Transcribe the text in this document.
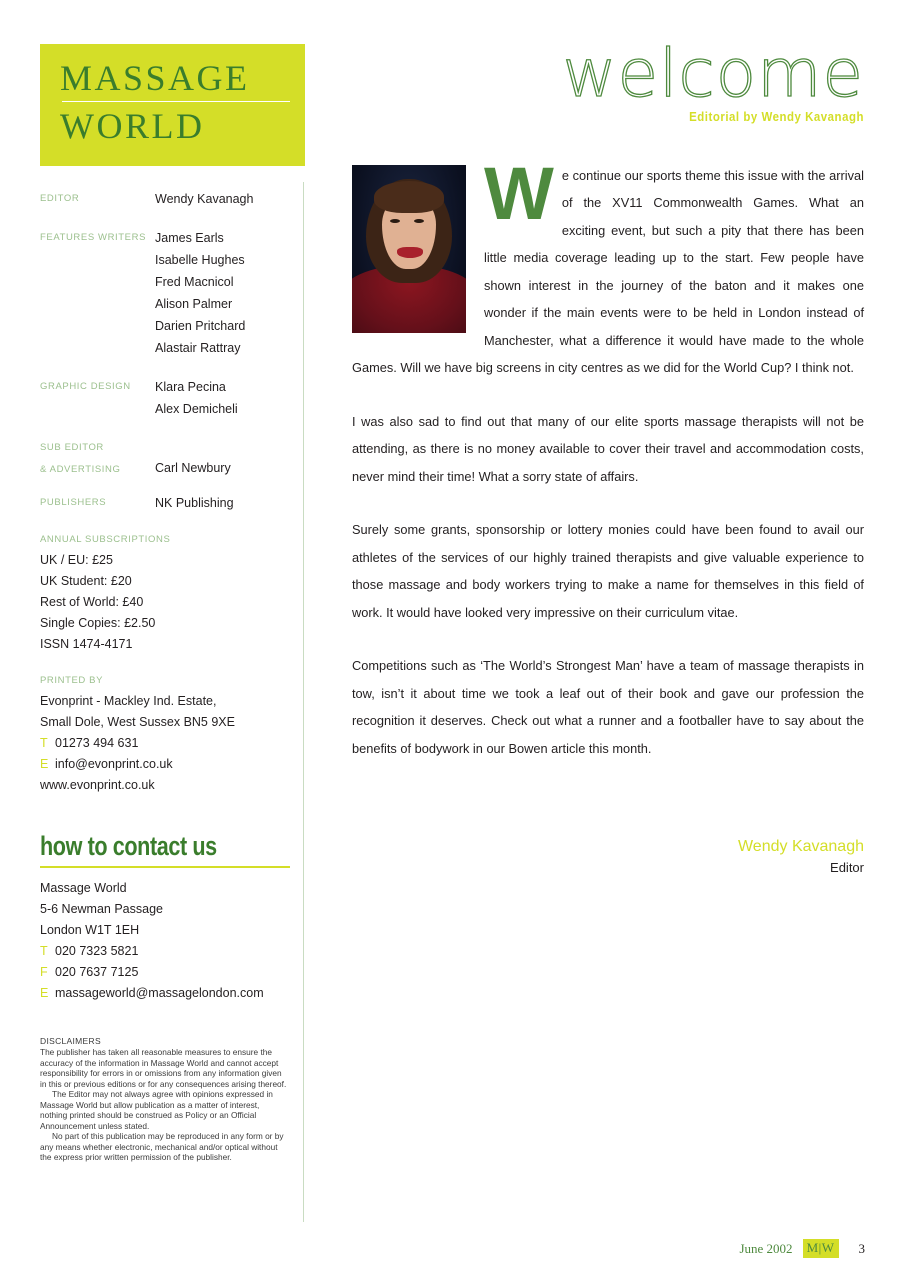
MASSAGE
WORLD
EDITOR	Wendy Kavanagh
FEATURES WRITERS James Earls
Isabelle Hughes
Fred Macnicol
Alison Palmer
Darien Pritchard
Alastair Rattray
GRAPHIC DESIGN	Klara Pecina
Alex Demicheli
SUB EDITOR
& ADVERTISING
	Carl Newbury
PUBLISHERS	NK Publishing
ANNUAL SUBSCRIPTIONS
UK / EU: £25
UK Student: £20
Rest of World: £40
Single Copies: £2.50
ISSN 1474-4171
PRINTED BY
Evonprint - Mackley Ind. Estate,
Small Dole, West Sussex BN5 9XE
T 01273 494 631
E info@evonprint.co.uk
www.evonprint.co.uk
how to contact us
Massage World
5-6 Newman Passage
London W1T 1EH
T 020 7323 5821
F 020 7637 7125
E massageworld@massagelondon.com
DISCLAIMERS

The publisher has taken all reasonable measures to ensure the accuracy of the information in Massage World and cannot accept responsibility for errors in or omissions from any information given in this or previous editions or for any consequences arising thereof.

The Editor may not always agree with opinions expressed in Massage World but allow publication as a matter of interest, nothing printed should be construed as Policy or an Official Announcement unless stated.

No part of this publication may be reproduced in any form or by any means whether electronic, mechanical and/or optical without the express prior written permission of the publisher.

welcome
Editorial by Wendy Kavanagh
W e continue our sports theme this issue with the arrival of the XV11 Commonwealth Games. What an exciting event, but such a pity that there has been little media coverage leading up to the start. Few people have shown interest in the journey of the baton and it makes one wonder if the main events were to be held in London instead of Manchester, what a difference it would have made to the whole Games. Will we have big screens in city centres as we did for the World Cup? I think not.

I was also sad to find out that many of our elite sports massage therapists will not be attending, as there is no money available to cover their travel and accommodation costs, never mind their time! What a sorry state of affairs.

Surely some grants, sponsorship or lottery monies could have been found to avail our athletes of the services of our highly trained therapists and give valuable experience to those massage and body workers trying to make a name for themselves in this field of work. It would have looked very impressive on their curriculum vitae.

Competitions such as ‘The World’s Strongest Man’ have a team of massage therapists in tow, isn’t it about time we took a leaf out of their book and gave our profession the recognition it deserves. Check out what a runner and a footballer have to say about the benefits of bodywork in our Bowen article this month.

Wendy Kavanagh
Editor
June 2002	M|W	3
